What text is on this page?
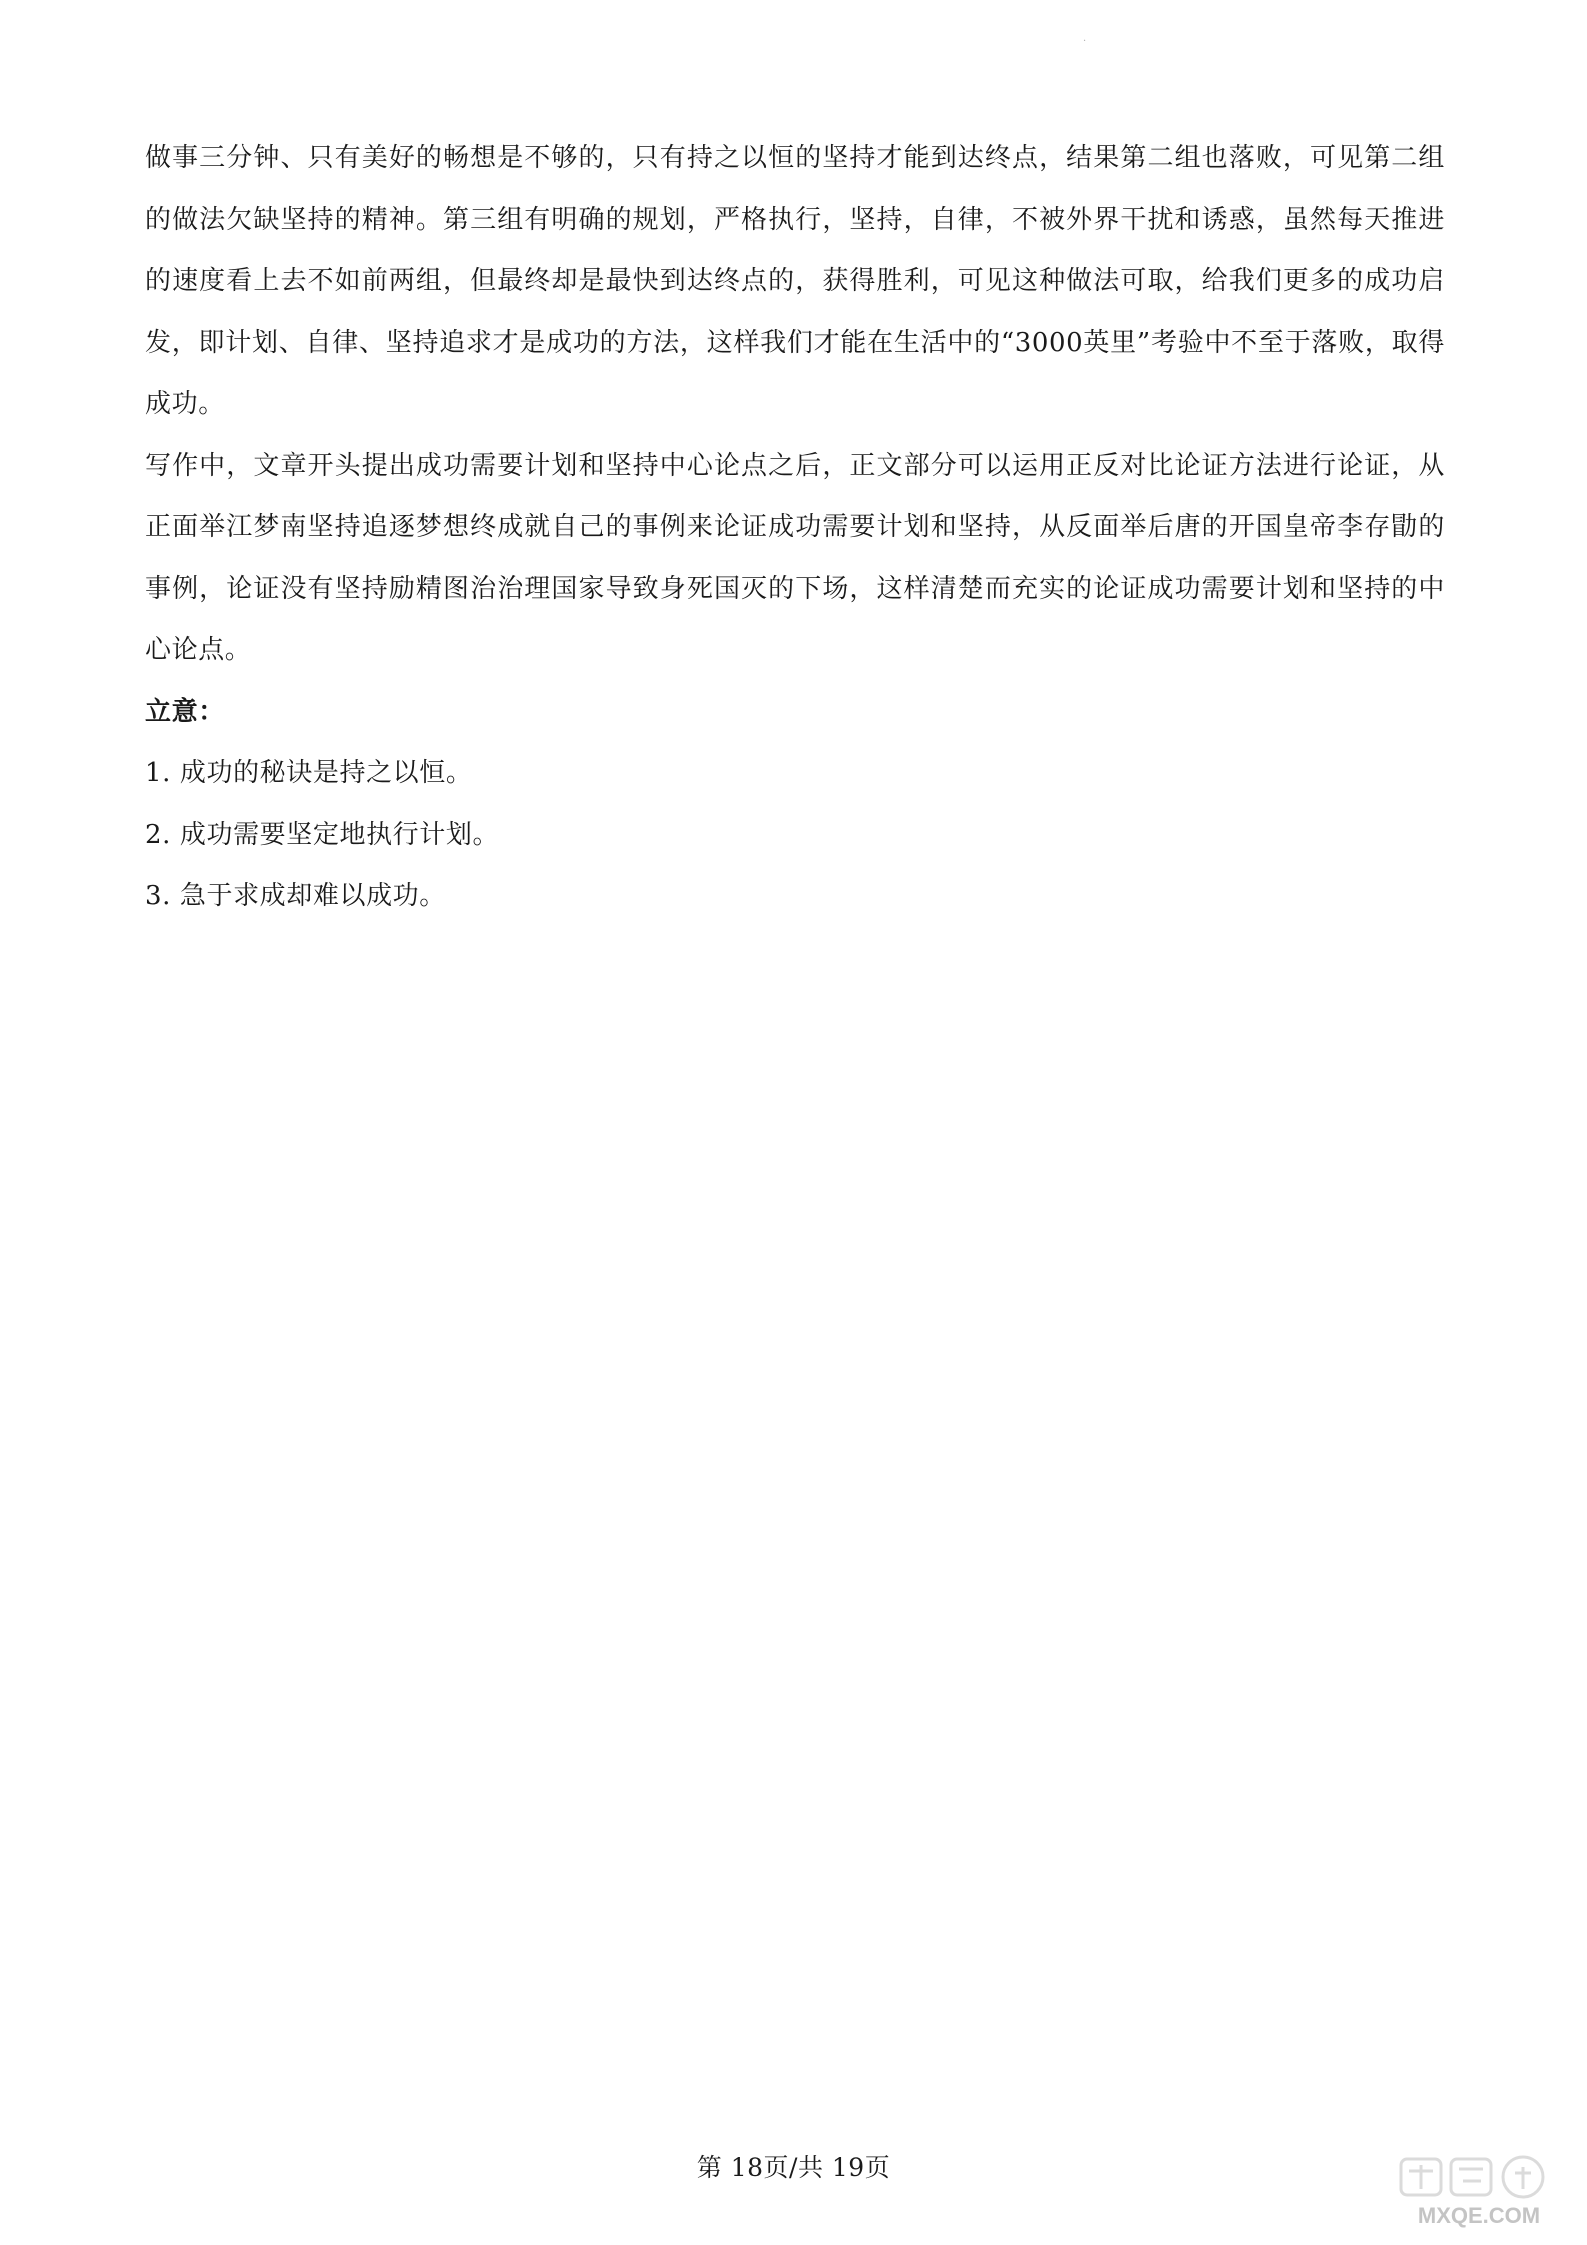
·

做事三分钟、只有美好的畅想是不够的，只有持之以恒的坚持才能到达终点，结果第二组也落败，可见第二组的做法欠缺坚持的精神。第三组有明确的规划，严格执行，坚持，自律，不被外界干扰和诱惑，虽然每天推进的速度看上去不如前两组，但最终却是最快到达终点的，获得胜利，可见这种做法可取，给我们更多的成功启发，即计划、自律、坚持追求才是成功的方法，这样我们才能在生活中的“3000英里”考验中不至于落败，取得成功。

写作中，文章开头提出成功需要计划和坚持中心论点之后，正文部分可以运用正反对比论证方法进行论证，从正面举江梦南坚持追逐梦想终成就自己的事例来论证成功需要计划和坚持，从反面举后唐的开国皇帝李存勖的事例，论证没有坚持励精图治治理国家导致身死国灭的下场，这样清楚而充实的论证成功需要计划和坚持的中心论点。

立意：

1. 成功的秘诀是持之以恒。

2. 成功需要坚定地执行计划。

3. 急于求成却难以成功。

第 18页/共 19页
MXQE.COM
